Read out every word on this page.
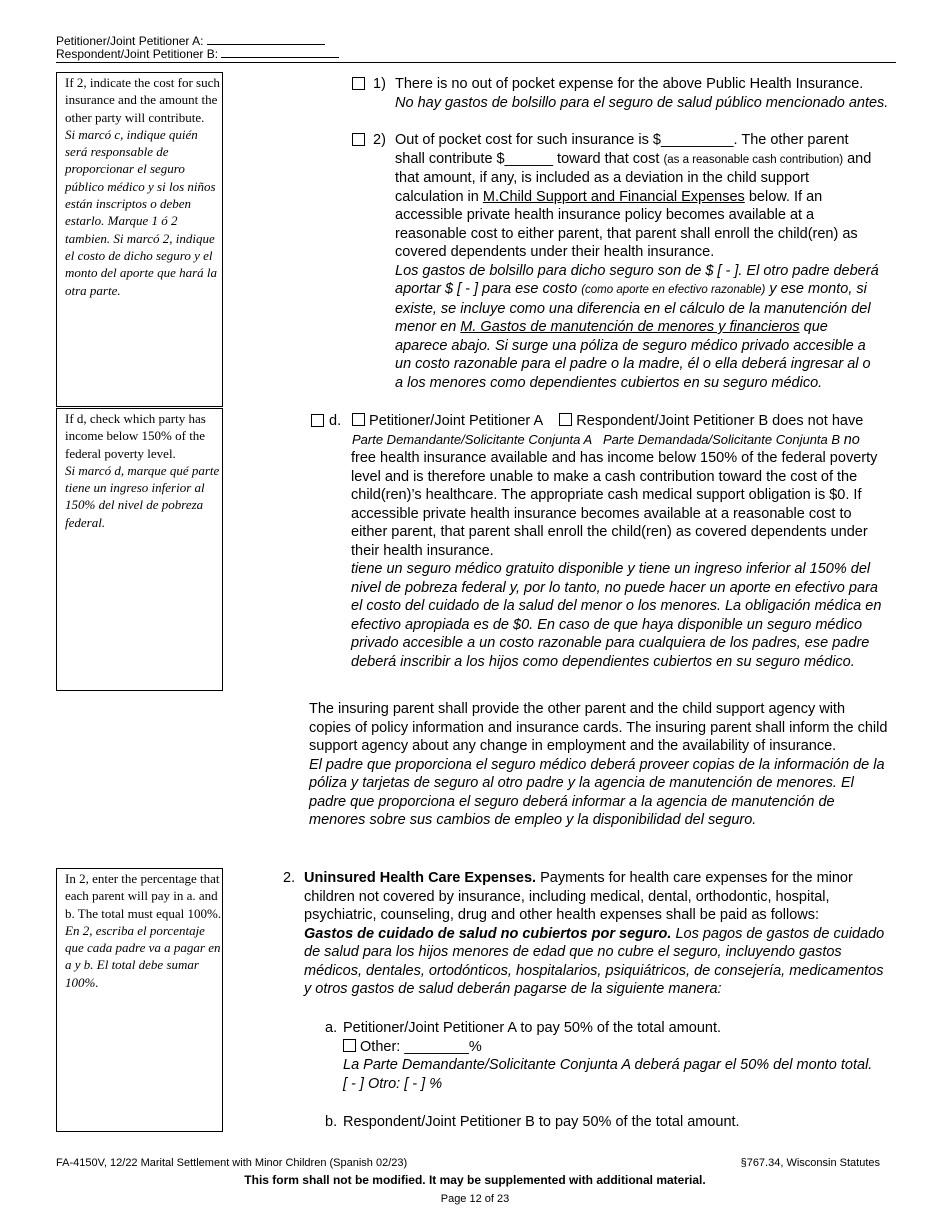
Petitioner/Joint Petitioner A:
Respondent/Joint Petitioner B:

If 2, indicate the cost for such insurance and the amount the other party will contribute.

Si marcó c, indique quién será responsable de proporcionar el seguro público médico y si los niños están inscriptos o deben estarlo. Marque 1 ó 2 tambien. Si marcó 2, indique el costo de dicho seguro y el monto del aporte que hará la otra parte.

If d, check which party has income below 150% of the federal poverty level.

Si marcó d, marque qué parte tiene un ingreso inferior al 150% del nivel de pobreza federal.

In 2, enter the percentage that each parent will pay in a. and b. The total must equal 100%.

En 2, escriba el porcentaje que cada padre va a pagar en a y b. El total debe sumar 100%.

1) There is no out of pocket expense for the above Public Health Insurance.

No hay gastos de bolsillo para el seguro de salud público mencionado antes.

2) Out of pocket cost for such insurance is $_________. The other parent shall contribute $______ toward that cost (as a reasonable cash contribution) and that amount, if any, is included as a deviation in the child support calculation in M.Child Support and Financial Expenses below. If an accessible private health insurance policy becomes available at a reasonable cost to either parent, that parent shall enroll the child(ren) as covered dependents under their health insurance.

Los gastos de bolsillo para dicho seguro son de $ [ - ]. El otro padre deberá aportar $ [ - ] para ese costo (como aporte en efectivo razonable) y ese monto, si existe, se incluye como una diferencia en el cálculo de la manutención del menor en M. Gastos de manutención de menores y financieros que aparece abajo. Si surge una póliza de seguro médico privado accesible a un costo razonable para el padre o la madre, él o ella deberá ingresar al o a los menores como dependientes cubiertos en su seguro médico.

d.	Petitioner/Joint Petitioner A Respondent/Joint Petitioner B does not have
Parte Demandante/Solicitante Conjunta A Parte Demandada/Solicitante Conjunta B no

free health insurance available and has income below 150% of the federal poverty level and is therefore unable to make a cash contribution toward the cost of the child(ren)’s healthcare. The appropriate cash medical support obligation is $0. If accessible private health insurance becomes available at a reasonable cost to either parent, that parent shall enroll the child(ren) as covered dependents under their health insurance.

tiene un seguro médico gratuito disponible y tiene un ingreso inferior al 150% del nivel de pobreza federal y, por lo tanto, no puede hacer un aporte en efectivo para el costo del cuidado de la salud del menor o los menores. La obligación médica en efectivo apropiada es de $0. En caso de que haya disponible un seguro médico privado accesible a un costo razonable para cualquiera de los padres, ese padre deberá inscribir a los hijos como dependientes cubiertos en su seguro médico.

The insuring parent shall provide the other parent and the child support agency with copies of policy information and insurance cards. The insuring parent shall inform the child support agency about any change in employment and the availability of insurance.

El padre que proporciona el seguro médico deberá proveer copias de la información de la póliza y tarjetas de seguro al otro padre y la agencia de manutención de menores. El padre que proporciona el seguro deberá informar a la agencia de manutención de menores sobre sus cambios de empleo y la disponibilidad del seguro.

2. Uninsured Health Care Expenses. Payments for health care expenses for the minor children not covered by insurance, including medical, dental, orthodontic, hospital, psychiatric, counseling, drug and other health expenses shall be paid as follows:

Gastos de cuidado de salud no cubiertos por seguro. Los pagos de gastos de cuidado de salud para los hijos menores de edad que no cubre el seguro, incluyendo gastos médicos, dentales, ortodónticos, hospitalarios, psiquiátricos, de consejería, medicamentos y otros gastos de salud deberán pagarse de la siguiente manera:

a. Petitioner/Joint Petitioner A to pay 50% of the total amount.

Other: ________%

La Parte Demandante/Solicitante Conjunta A deberá pagar el 50% del monto total.

[ - ] Otro: [ - ] %

b. Respondent/Joint Petitioner B to pay 50% of the total amount.

FA-4150V, 12/22 Marital Settlement with Minor Children (Spanish 02/23)	§767.34, Wisconsin Statutes
This form shall not be modified. It may be supplemented with additional material.
Page 12 of 23
